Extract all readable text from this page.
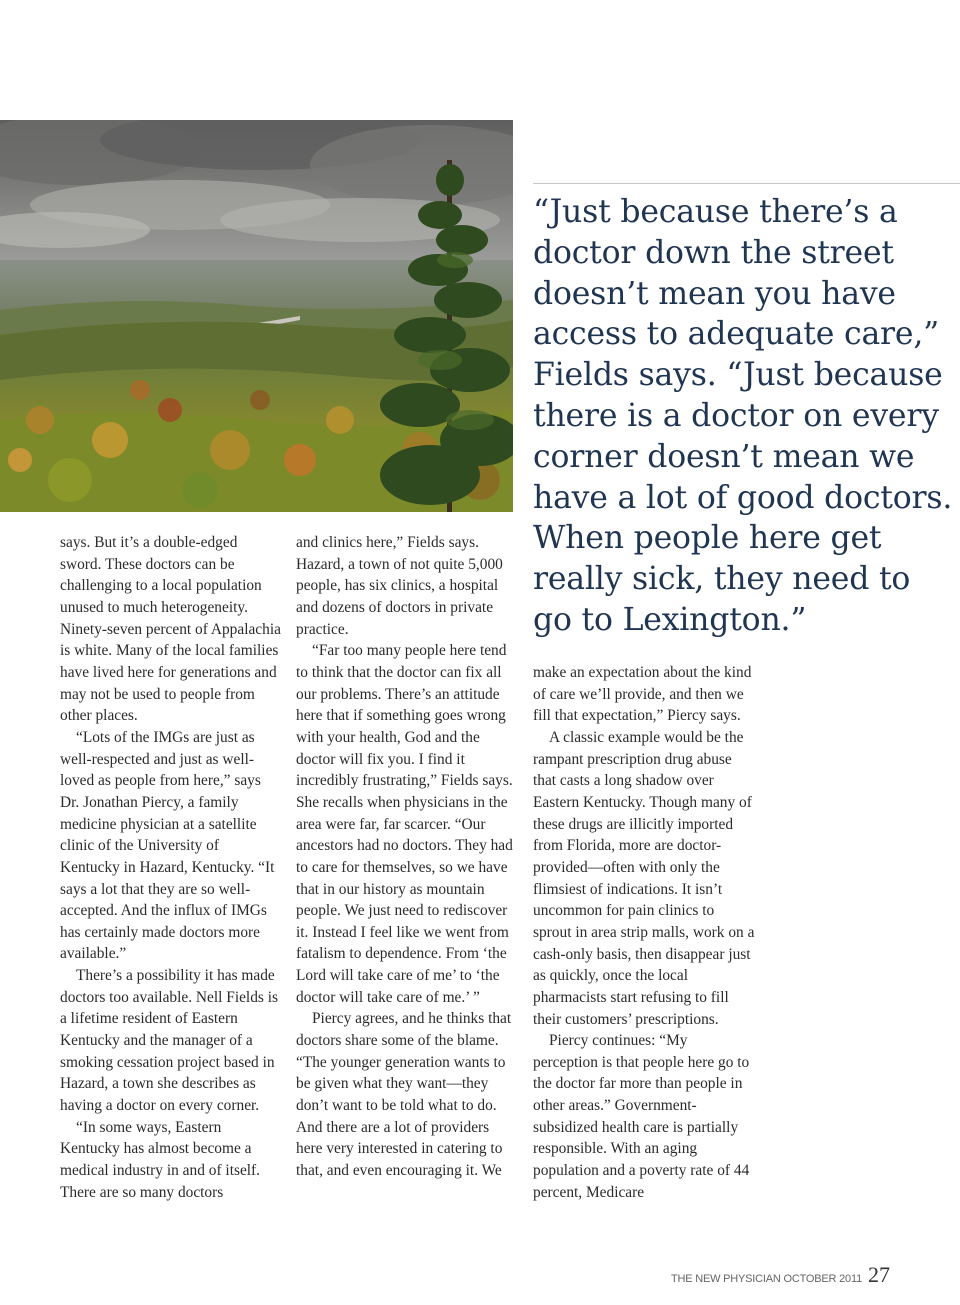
“Just because there’s a doctor down the street doesn’t mean you have access to adequate care,” Fields says. “Just because there is a doctor on every corner doesn’t mean we have a lot of good doctors. When people here get really sick, they need to go to Lexington.”

says. But it’s a double-edged sword. These doctors can be challenging to a local population unused to much heterogeneity. Ninety-seven percent of Appalachia is white. Many of the local families have lived here for generations and may not be used to people from other places.

“Lots of the IMGs are just as well-respected and just as well-loved as people from here,” says Dr. Jonathan Piercy, a family medicine physician at a satellite clinic of the University of Kentucky in Hazard, Kentucky. “It says a lot that they are so well-accepted. And the influx of IMGs has certainly made doctors more available.”

There’s a possibility it has made doctors too available. Nell Fields is a lifetime resident of Eastern Kentucky and the manager of a smoking cessation project based in Hazard, a town she describes as having a doctor on every corner.

“In some ways, Eastern Kentucky has almost become a medical industry in and of itself. There are so many doctors

and clinics here,” Fields says. Hazard, a town of not quite 5,000 people, has six clinics, a hospital and dozens of doctors in private practice.

“Far too many people here tend to think that the doctor can fix all our problems. There’s an attitude here that if something goes wrong with your health, God and the doctor will fix you. I find it incredibly frustrating,” Fields says. She recalls when physicians in the area were far, far scarcer. “Our ancestors had no doctors. They had to care for themselves, so we have that in our history as mountain people. We just need to rediscover it. Instead I feel like we went from fatalism to dependence. From ‘the Lord will take care of me’ to ‘the doctor will take care of me.’ ”

Piercy agrees, and he thinks that doctors share some of the blame. “The younger generation wants to be given what they want—they don’t want to be told what to do. And there are a lot of providers here very interested in catering to that, and even encouraging it. We

make an expectation about the kind of care we’ll provide, and then we fill that expectation,” Piercy says.

A classic example would be the rampant prescription drug abuse that casts a long shadow over Eastern Kentucky. Though many of these drugs are illicitly imported from Florida, more are doctor-provided—often with only the flimsiest of indications. It isn’t uncommon for pain clinics to sprout in area strip malls, work on a cash-only basis, then disappear just as quickly, once the local pharmacists start refusing to fill their customers’ prescriptions.

Piercy continues: “My perception is that people here go to the doctor far more than people in other areas.” Government-subsidized health care is partially responsible. With an aging population and a poverty rate of 44 percent, Medicare

THE NEW PHYSICIAN OCTOBER 2011 27
